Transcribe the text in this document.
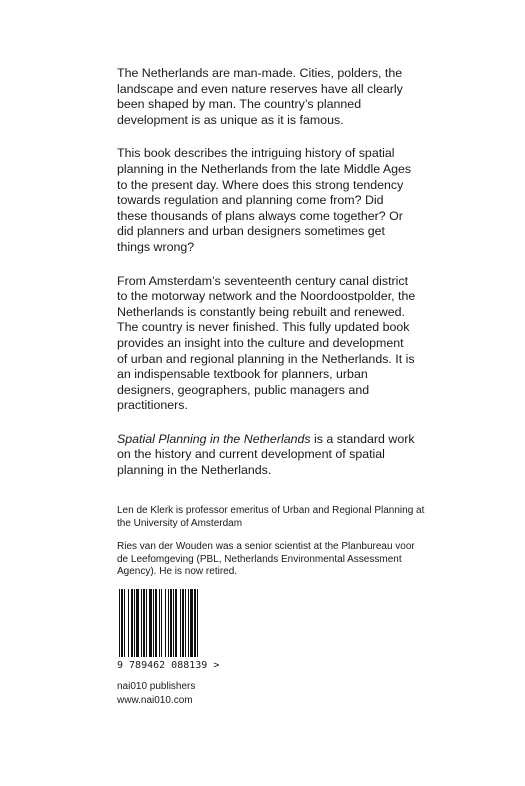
The Netherlands are man-made. Cities, polders, the landscape and even nature reserves have all clearly been shaped by man. The country’s planned development is as unique as it is famous.

This book describes the intriguing history of spatial planning in the Netherlands from the late Middle Ages to the present day. Where does this strong tendency towards regulation and planning come from? Did these thousands of plans always come together? Or did planners and urban designers sometimes get things wrong?

From Amsterdam’s seventeenth century canal district to the motorway network and the Noordoostpolder, the Netherlands is constantly being rebuilt and renewed. The country is never finished. This fully updated book provides an insight into the culture and development of urban and regional planning in the Netherlands. It is an indispensable textbook for planners, urban designers, geographers, public managers and practitioners.

Spatial Planning in the Netherlands is a standard work on the history and current development of spatial planning in the Netherlands.

Len de Klerk is professor emeritus of Urban and Regional Planning at the University of Amsterdam

Ries van der Wouden was a senior scientist at the Planbureau voor de Leefomgeving (PBL, Netherlands Environmental Assessment Agency). He is now retired.

9 789462 088139 >
nai010 publishers
www.nai010.com
